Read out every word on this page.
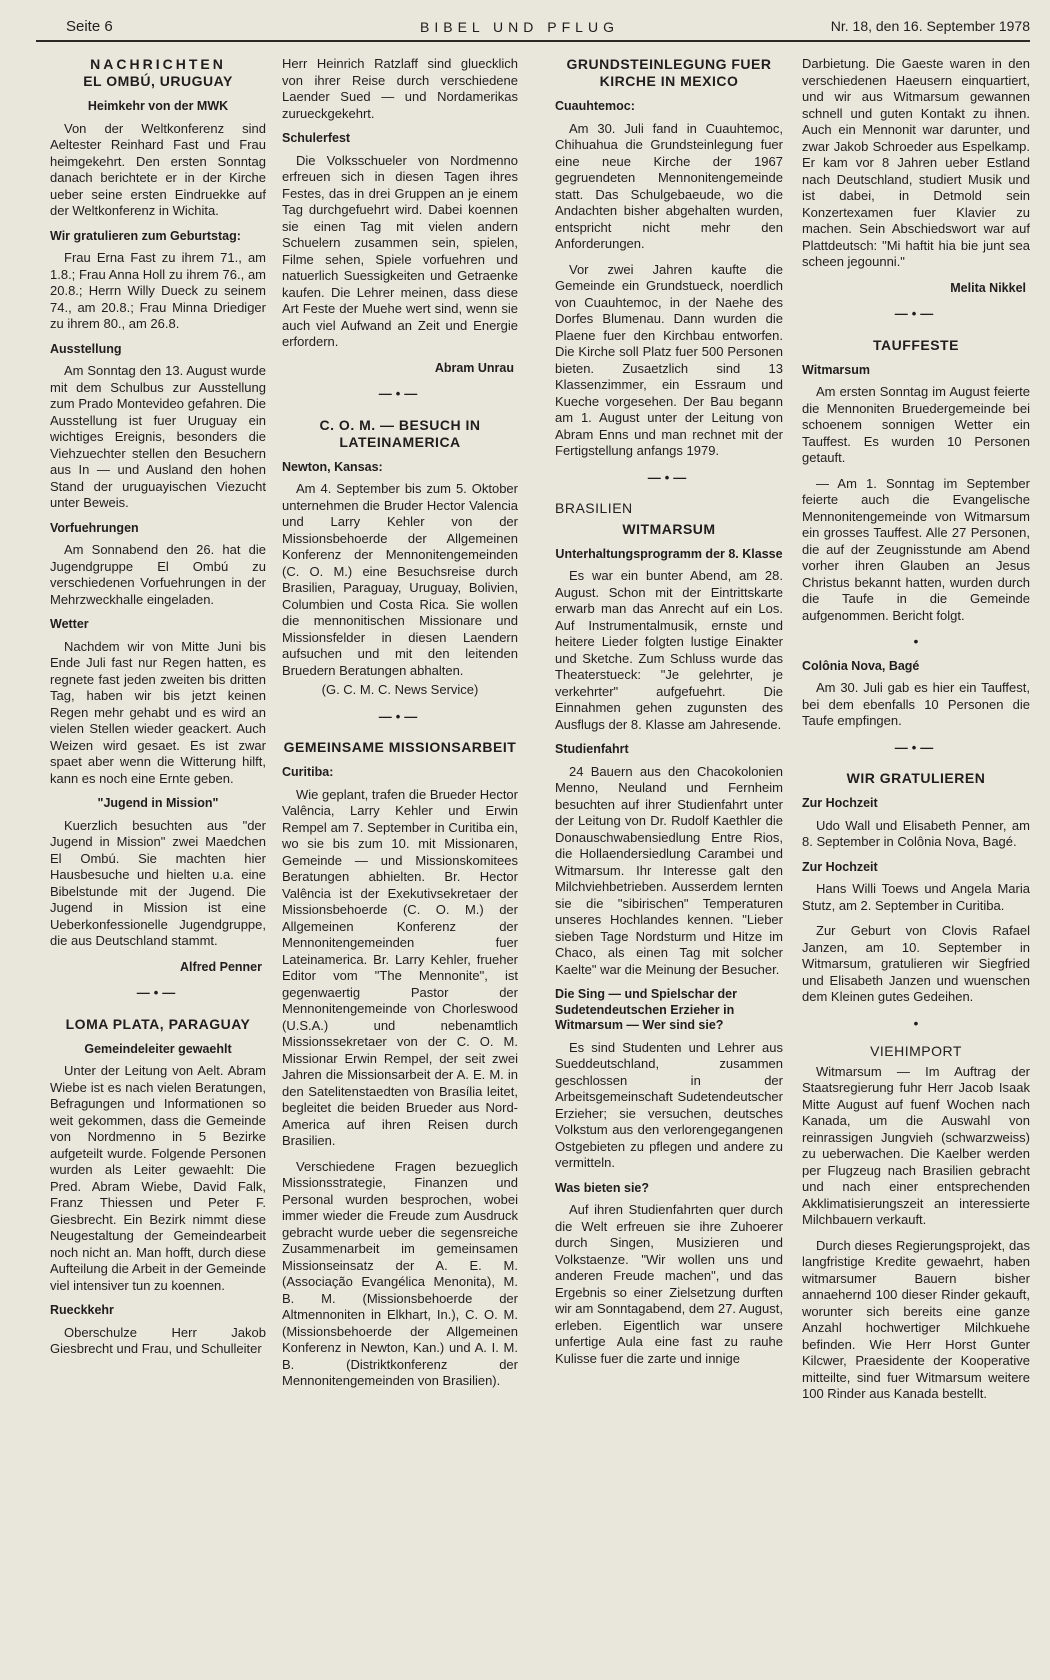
Seite 6	BIBEL UND PFLUG	Nr. 18, den 16. September 1978
NACHRICHTEN
EL OMBÚ, URUGUAY
Heimkehr von der MWK

Von der Weltkonferenz sind Aeltester Reinhard Fast und Frau heimgekehrt. Den ersten Sonntag danach berichtete er in der Kirche ueber seine ersten Eindruekke auf der Weltkonferenz in Wichita.

Wir gratulieren zum Geburtstag:

Frau Erna Fast zu ihrem 71., am 1.8.; Frau Anna Holl zu ihrem 76., am 20.8.; Herrn Willy Dueck zu seinem 74., am 20.8.; Frau Minna Driediger zu ihrem 80., am 26.8.

Ausstellung

Am Sonntag den 13. August wurde mit dem Schulbus zur Ausstellung zum Prado Montevideo gefahren. Die Ausstellung ist fuer Uruguay ein wichtiges Ereignis, besonders die Viehzuechter stellen den Besuchern aus In — und Ausland den hohen Stand der uruguayischen Viezucht unter Beweis.

Vorfuehrungen

Am Sonnabend den 26. hat die Jugendgruppe El Ombú zu verschiedenen Vorfuehrungen in der Mehrzweckhalle eingeladen.

Wetter

Nachdem wir von Mitte Juni bis Ende Juli fast nur Regen hatten, es regnete fast jeden zweiten bis dritten Tag, haben wir bis jetzt keinen Regen mehr gehabt und es wird an vielen Stellen wieder geackert. Auch Weizen wird gesaet. Es ist zwar spaet aber wenn die Witterung hilft, kann es noch eine Ernte geben.

"Jugend in Mission"

Kuerzlich besuchten aus "der Jugend in Mission" zwei Maedchen El Ombú. Sie machten hier Hausbesuche und hielten u.a. eine Bibelstunde mit der Jugend. Die Jugend in Mission ist eine Ueberkonfessionelle Jugendgruppe, die aus Deutschland stammt.

Alfred Penner
—•—
LOMA PLATA, PARAGUAY
Gemeindeleiter gewaehlt

Unter der Leitung von Aelt. Abram Wiebe ist es nach vielen Beratungen, Befragungen und Informationen so weit gekommen, dass die Gemeinde von Nordmenno in 5 Bezirke aufgeteilt wurde. Folgende Personen wurden als Leiter gewaehlt: Die Pred. Abram Wiebe, David Falk, Franz Thiessen und Peter F. Giesbrecht. Ein Bezirk nimmt diese Neugestaltung der Gemeindearbeit noch nicht an. Man hofft, durch diese Aufteilung die Arbeit in der Gemeinde viel intensiver tun zu koennen.

Rueckkehr

Oberschulze Herr Jakob Giesbrecht und Frau, und Schulleiter

Herr Heinrich Ratzlaff sind gluecklich von ihrer Reise durch verschiedene Laender Sued — und Nordamerikas zurueckgekehrt.

Schulerfest

Die Volksschueler von Nordmenno erfreuen sich in diesen Tagen ihres Festes, das in drei Gruppen an je einem Tag durchgefuehrt wird. Dabei koennen sie einen Tag mit vielen andern Schuelern zusammen sein, spielen, Filme sehen, Spiele vorfuehren und natuerlich Suessigkeiten und Getraenke kaufen. Die Lehrer meinen, dass diese Art Feste der Muehe wert sind, wenn sie auch viel Aufwand an Zeit und Energie erfordern.

Abram Unrau
—•—
C. O. M. — BESUCH IN LATEINAMERICA
Newton, Kansas:

Am 4. September bis zum 5. Oktober unternehmen die Bruder Hector Valencia und Larry Kehler von der Missionsbehoerde der Allgemeinen Konferenz der Mennonitengemeinden (C. O. M.) eine Besuchsreise durch Brasilien, Paraguay, Uruguay, Bolivien, Columbien und Costa Rica. Sie wollen die mennonitischen Missionare und Missionsfelder in diesen Laendern aufsuchen und mit den leitenden Bruedern Beratungen abhalten.

(G. C. M. C. News Service)
—•—
GEMEINSAME MISSIONSARBEIT
Curitiba:

Wie geplant, trafen die Brueder Hector Valência, Larry Kehler und Erwin Rempel am 7. September in Curitiba ein, wo sie bis zum 10. mit Missionaren, Gemeinde — und Missionskomitees Beratungen abhielten. Br. Hector Valência ist der Exekutivsekretaer der Missionsbehoerde (C. O. M.) der Allgemeinen Konferenz der Mennonitengemeinden fuer Lateinamerica. Br. Larry Kehler, frueher Editor vom "The Mennonite", ist gegenwaertig Pastor der Mennonitengemeinde von Chorleswood (U.S.A.) und nebenamtlich Missionssekretaer von der C. O. M. Missionar Erwin Rempel, der seit zwei Jahren die Missionsarbeit der A. E. M. in den Satelitenstaedten von Brasília leitet, begleitet die beiden Brueder aus Nord-America auf ihren Reisen durch Brasilien.

Verschiedene Fragen bezueglich Missionsstrategie, Finanzen und Personal wurden besprochen, wobei immer wieder die Freude zum Ausdruck gebracht wurde ueber die segensreiche Zusammenarbeit im gemeinsamen Missionseinsatz der A. E. M. (Associação Evangélica Menonita), M. B. M. (Missionsbehoerde der Altmennoniten in Elkhart, In.), C. O. M. (Missionsbehoerde der Allgemeinen Konferenz in Newton, Kan.) und A. I. M. B. (Distriktkonferenz der Mennonitengemeinden von Brasilien).

GRUNDSTEINLEGUNG FUER KIRCHE IN MEXICO
Cuauhtemoc:

Am 30. Juli fand in Cuauhtemoc, Chihuahua die Grundsteinlegung fuer eine neue Kirche der 1967 gegruendeten Mennonitengemeinde statt. Das Schulgebaeude, wo die Andachten bisher abgehalten wurden, entspricht nicht mehr den Anforderungen.

Vor zwei Jahren kaufte die Gemeinde ein Grundstueck, noerdlich von Cuauhtemoc, in der Naehe des Dorfes Blumenau. Dann wurden die Plaene fuer den Kirchbau entworfen. Die Kirche soll Platz fuer 500 Personen bieten. Zusaetzlich sind 13 Klassenzimmer, ein Essraum und Kueche vorgesehen. Der Bau begann am 1. August unter der Leitung von Abram Enns und man rechnet mit der Fertigstellung anfangs 1979.

—•—
BRASILIEN
WITMARSUM
Unterhaltungsprogramm der 8. Klasse

Es war ein bunter Abend, am 28. August. Schon mit der Eintrittskarte erwarb man das Anrecht auf ein Los. Auf Instrumentalmusik, ernste und heitere Lieder folgten lustige Einakter und Sketche. Zum Schluss wurde das Theaterstueck: "Je gelehrter, je verkehrter" aufgefuehrt. Die Einnahmen gehen zugunsten des Ausflugs der 8. Klasse am Jahresende.

Studienfahrt

24 Bauern aus den Chacokolonien Menno, Neuland und Fernheim besuchten auf ihrer Studienfahrt unter der Leitung von Dr. Rudolf Kaethler die Donauschwabensiedlung Entre Rios, die Hollaendersiedlung Carambei und Witmarsum. Ihr Interesse galt den Milchviehbetrieben. Ausserdem lernten sie die "sibirischen" Temperaturen unseres Hochlandes kennen. "Lieber sieben Tage Nordsturm und Hitze im Chaco, als einen Tag mit solcher Kaelte" war die Meinung der Besucher.

Die Sing — und Spielschar der Sudetendeutschen Erzieher in Witmarsum — Wer sind sie?

Es sind Studenten und Lehrer aus Sueddeutschland, zusammen geschlossen in der Arbeitsgemeinschaft Sudetendeutscher Erzieher; sie versuchen, deutsches Volkstum aus den verlorengegangenen Ostgebieten zu pflegen und andere zu vermitteln.

Was bieten sie?

Auf ihren Studienfahrten quer durch die Welt erfreuen sie ihre Zuhoerer durch Singen, Musizieren und Volkstaenze. "Wir wollen uns und anderen Freude machen", und das Ergebnis so einer Zielsetzung durften wir am Sonntagabend, dem 27. August, erleben. Eigentlich war unsere unfertige Aula eine fast zu rauhe Kulisse fuer die zarte und innige

Darbietung. Die Gaeste waren in den verschiedenen Haeusern einquartiert, und wir aus Witmarsum gewannen schnell und guten Kontakt zu ihnen. Auch ein Mennonit war darunter, und zwar Jakob Schroeder aus Espelkamp. Er kam vor 8 Jahren ueber Estland nach Deutschland, studiert Musik und ist dabei, in Detmold sein Konzertexamen fuer Klavier zu machen. Sein Abschiedswort war auf Plattdeutsch: "Mi haftit hia bie junt sea scheen jegounni."

Melita Nikkel
—•—
TAUFFESTE
Witmarsum

Am ersten Sonntag im August feierte die Mennoniten Bruedergemeinde bei schoenem sonnigen Wetter ein Tauffest. Es wurden 10 Personen getauft.

— Am 1. Sonntag im September feierte auch die Evangelische Mennonitengemeinde von Witmarsum ein grosses Tauffest. Alle 27 Personen, die auf der Zeugnisstunde am Abend vorher ihren Glauben an Jesus Christus bekannt hatten, wurden durch die Taufe in die Gemeinde aufgenommen. Bericht folgt.

•
Colônia Nova, Bagé

Am 30. Juli gab es hier ein Tauffest, bei dem ebenfalls 10 Personen die Taufe empfingen.

—•—
WIR GRATULIEREN
Zur Hochzeit

Udo Wall und Elisabeth Penner, am 8. September in Colônia Nova, Bagé.

Zur Hochzeit

Hans Willi Toews und Angela Maria Stutz, am 2. September in Curitiba.

Zur Geburt von Clovis Rafael Janzen, am 10. September in Witmarsum, gratulieren wir Siegfried und Elisabeth Janzen und wuenschen dem Kleinen gutes Gedeihen.

•
VIEHIMPORT

Witmarsum — Im Auftrag der Staatsregierung fuhr Herr Jacob Isaak Mitte August auf fuenf Wochen nach Kanada, um die Auswahl von reinrassigen Jungvieh (schwarzweiss) zu ueberwachen. Die Kaelber werden per Flugzeug nach Brasilien gebracht und nach einer entsprechenden Akklimatisierungszeit an interessierte Milchbauern verkauft.

Durch dieses Regierungsprojekt, das langfristige Kredite gewaehrt, haben witmarsumer Bauern bisher annaehernd 100 dieser Rinder gekauft, worunter sich bereits eine ganze Anzahl hochwertiger Milchkuehe befinden. Wie Herr Horst Gunter Kilcwer, Praesidente der Kooperative mitteilte, sind fuer Witmarsum weitere 100 Rinder aus Kanada bestellt.
